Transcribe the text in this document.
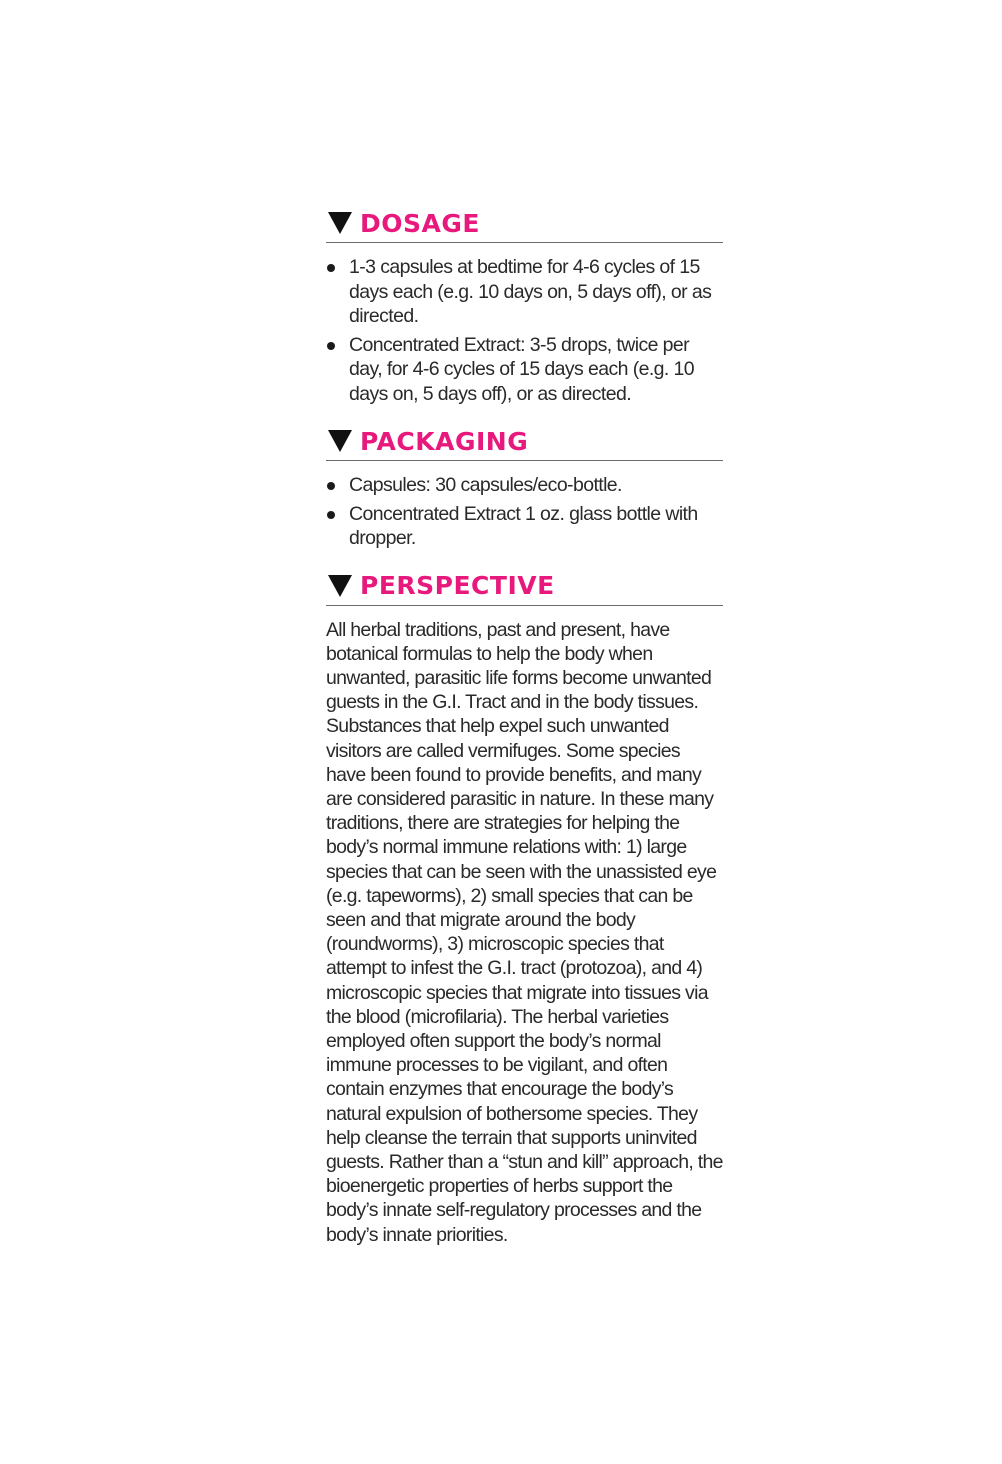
DOSAGE
1-3 capsules at bedtime for 4-6 cycles of 15 days each (e.g. 10 days on, 5 days off), or as directed.
Concentrated Extract: 3-5 drops, twice per day, for 4-6 cycles of 15 days each (e.g. 10 days on, 5 days off), or as directed.
PACKAGING
Capsules: 30 capsules/eco-bottle.
Concentrated Extract 1 oz. glass bottle with dropper.
PERSPECTIVE

All herbal traditions, past and present, have botanical formulas to help the body when unwanted, parasitic life forms become unwanted guests in the G.I. Tract and in the body tissues. Substances that help expel such unwanted visitors are called vermifuges. Some species have been found to provide benefits, and many are considered parasitic in nature. In these many traditions, there are strategies for helping the body’s normal immune relations with: 1) large species that can be seen with the unassisted eye (e.g. tapeworms), 2) small species that can be seen and that migrate around the body (roundworms), 3) microscopic species that attempt to infest the G.I. tract (protozoa), and 4) microscopic species that migrate into tissues via the blood (microfilaria). The herbal varieties employed often support the body’s normal immune processes to be vigilant, and often contain enzymes that encourage the body’s natural expulsion of bothersome species. They help cleanse the terrain that supports uninvited guests. Rather than a “stun and kill” approach, the bioenergetic properties of herbs support the body’s innate self-regulatory processes and the body’s innate priorities.
